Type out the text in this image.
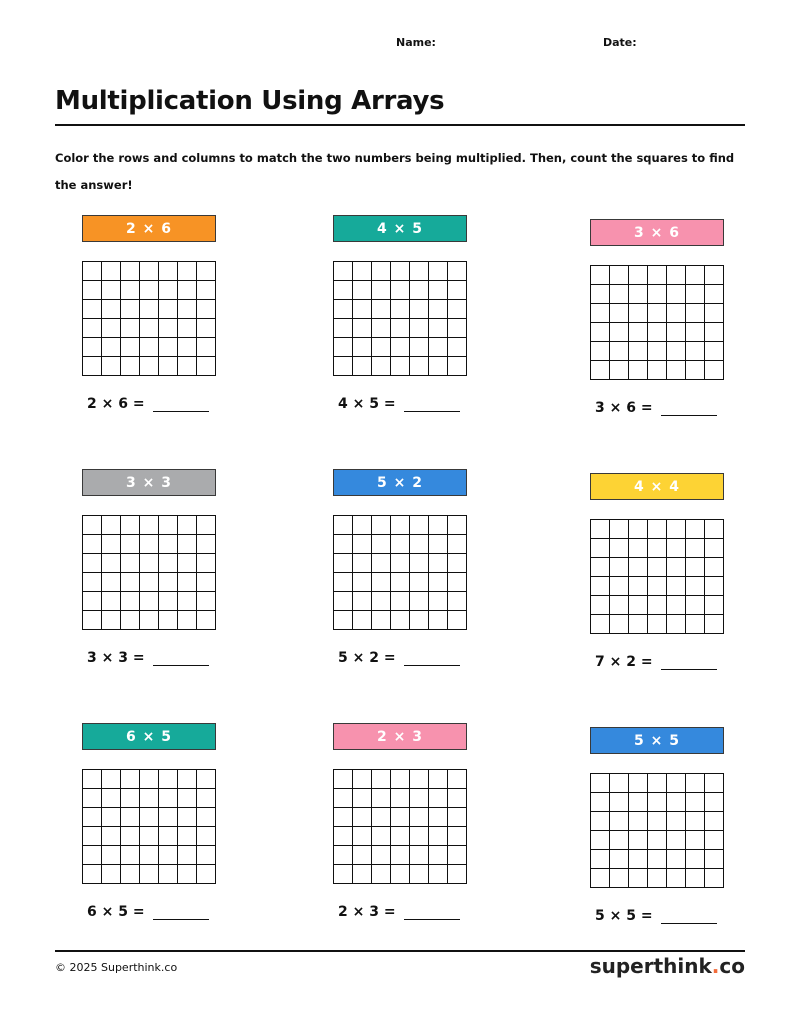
Name:	Date:
Multiplication Using Arrays
Color the rows and columns to match the two numbers being multiplied. Then, count the squares to find the answer!
2 × 6
2 × 6 =
4 × 5
4 × 5 =
3 × 6
3 × 6 =
3 × 3
3 × 3 =
5 × 2
5 × 2 =
4 × 4
7 × 2 =
6 × 5
6 × 5 =
2 × 3
2 × 3 =
5 × 5
5 × 5 =
© 2025 Superthink.co	superthink.co
